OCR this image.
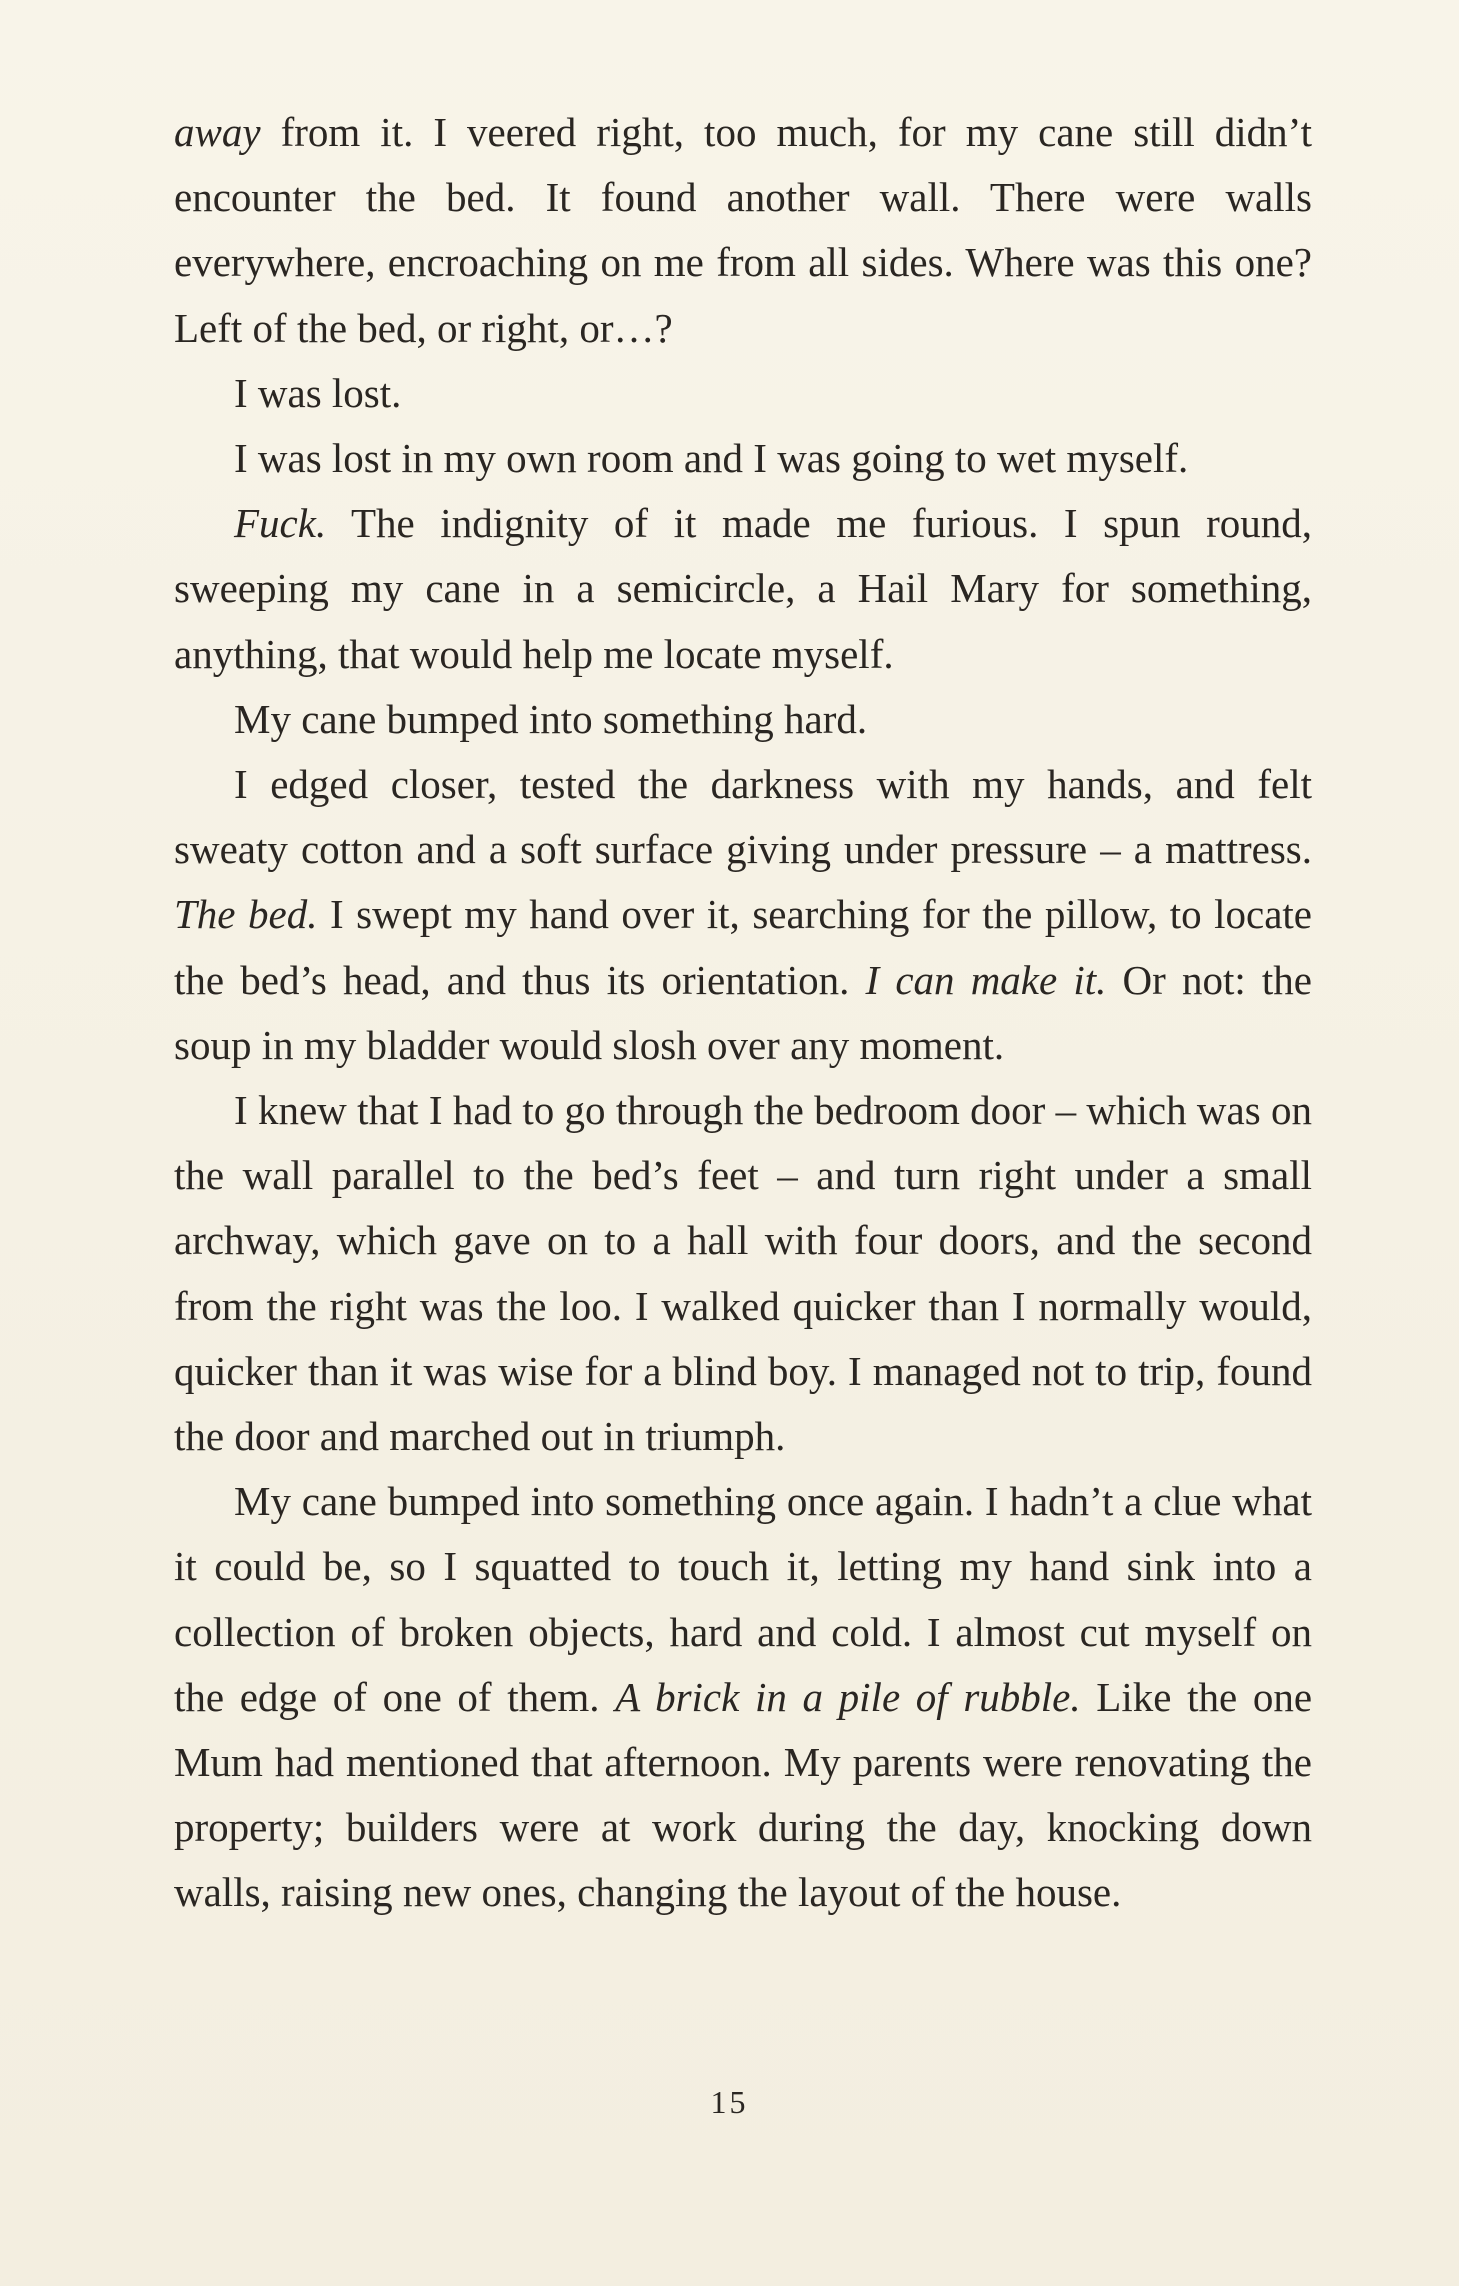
away from it. I veered right, too much, for my cane still didn’t encounter the bed. It found another wall. There were walls everywhere, encroaching on me from all sides. Where was this one? Left of the bed, or right, or…?

I was lost.

I was lost in my own room and I was going to wet myself.

Fuck. The indignity of it made me furious. I spun round, sweeping my cane in a semicircle, a Hail Mary for something, anything, that would help me locate myself.

My cane bumped into something hard.

I edged closer, tested the darkness with my hands, and felt sweaty cotton and a soft surface giving under pressure – a mattress. The bed. I swept my hand over it, searching for the pillow, to locate the bed’s head, and thus its orientation. I can make it. Or not: the soup in my bladder would slosh over any moment.

I knew that I had to go through the bedroom door – which was on the wall parallel to the bed’s feet – and turn right under a small archway, which gave on to a hall with four doors, and the second from the right was the loo. I walked quicker than I normally would, quicker than it was wise for a blind boy. I managed not to trip, found the door and marched out in triumph.

My cane bumped into something once again. I hadn’t a clue what it could be, so I squatted to touch it, letting my hand sink into a collection of broken objects, hard and cold. I almost cut myself on the edge of one of them. A brick in a pile of rubble. Like the one Mum had mentioned that afternoon. My parents were renovating the property; builders were at work during the day, knocking down walls, raising new ones, changing the layout of the house.

15
